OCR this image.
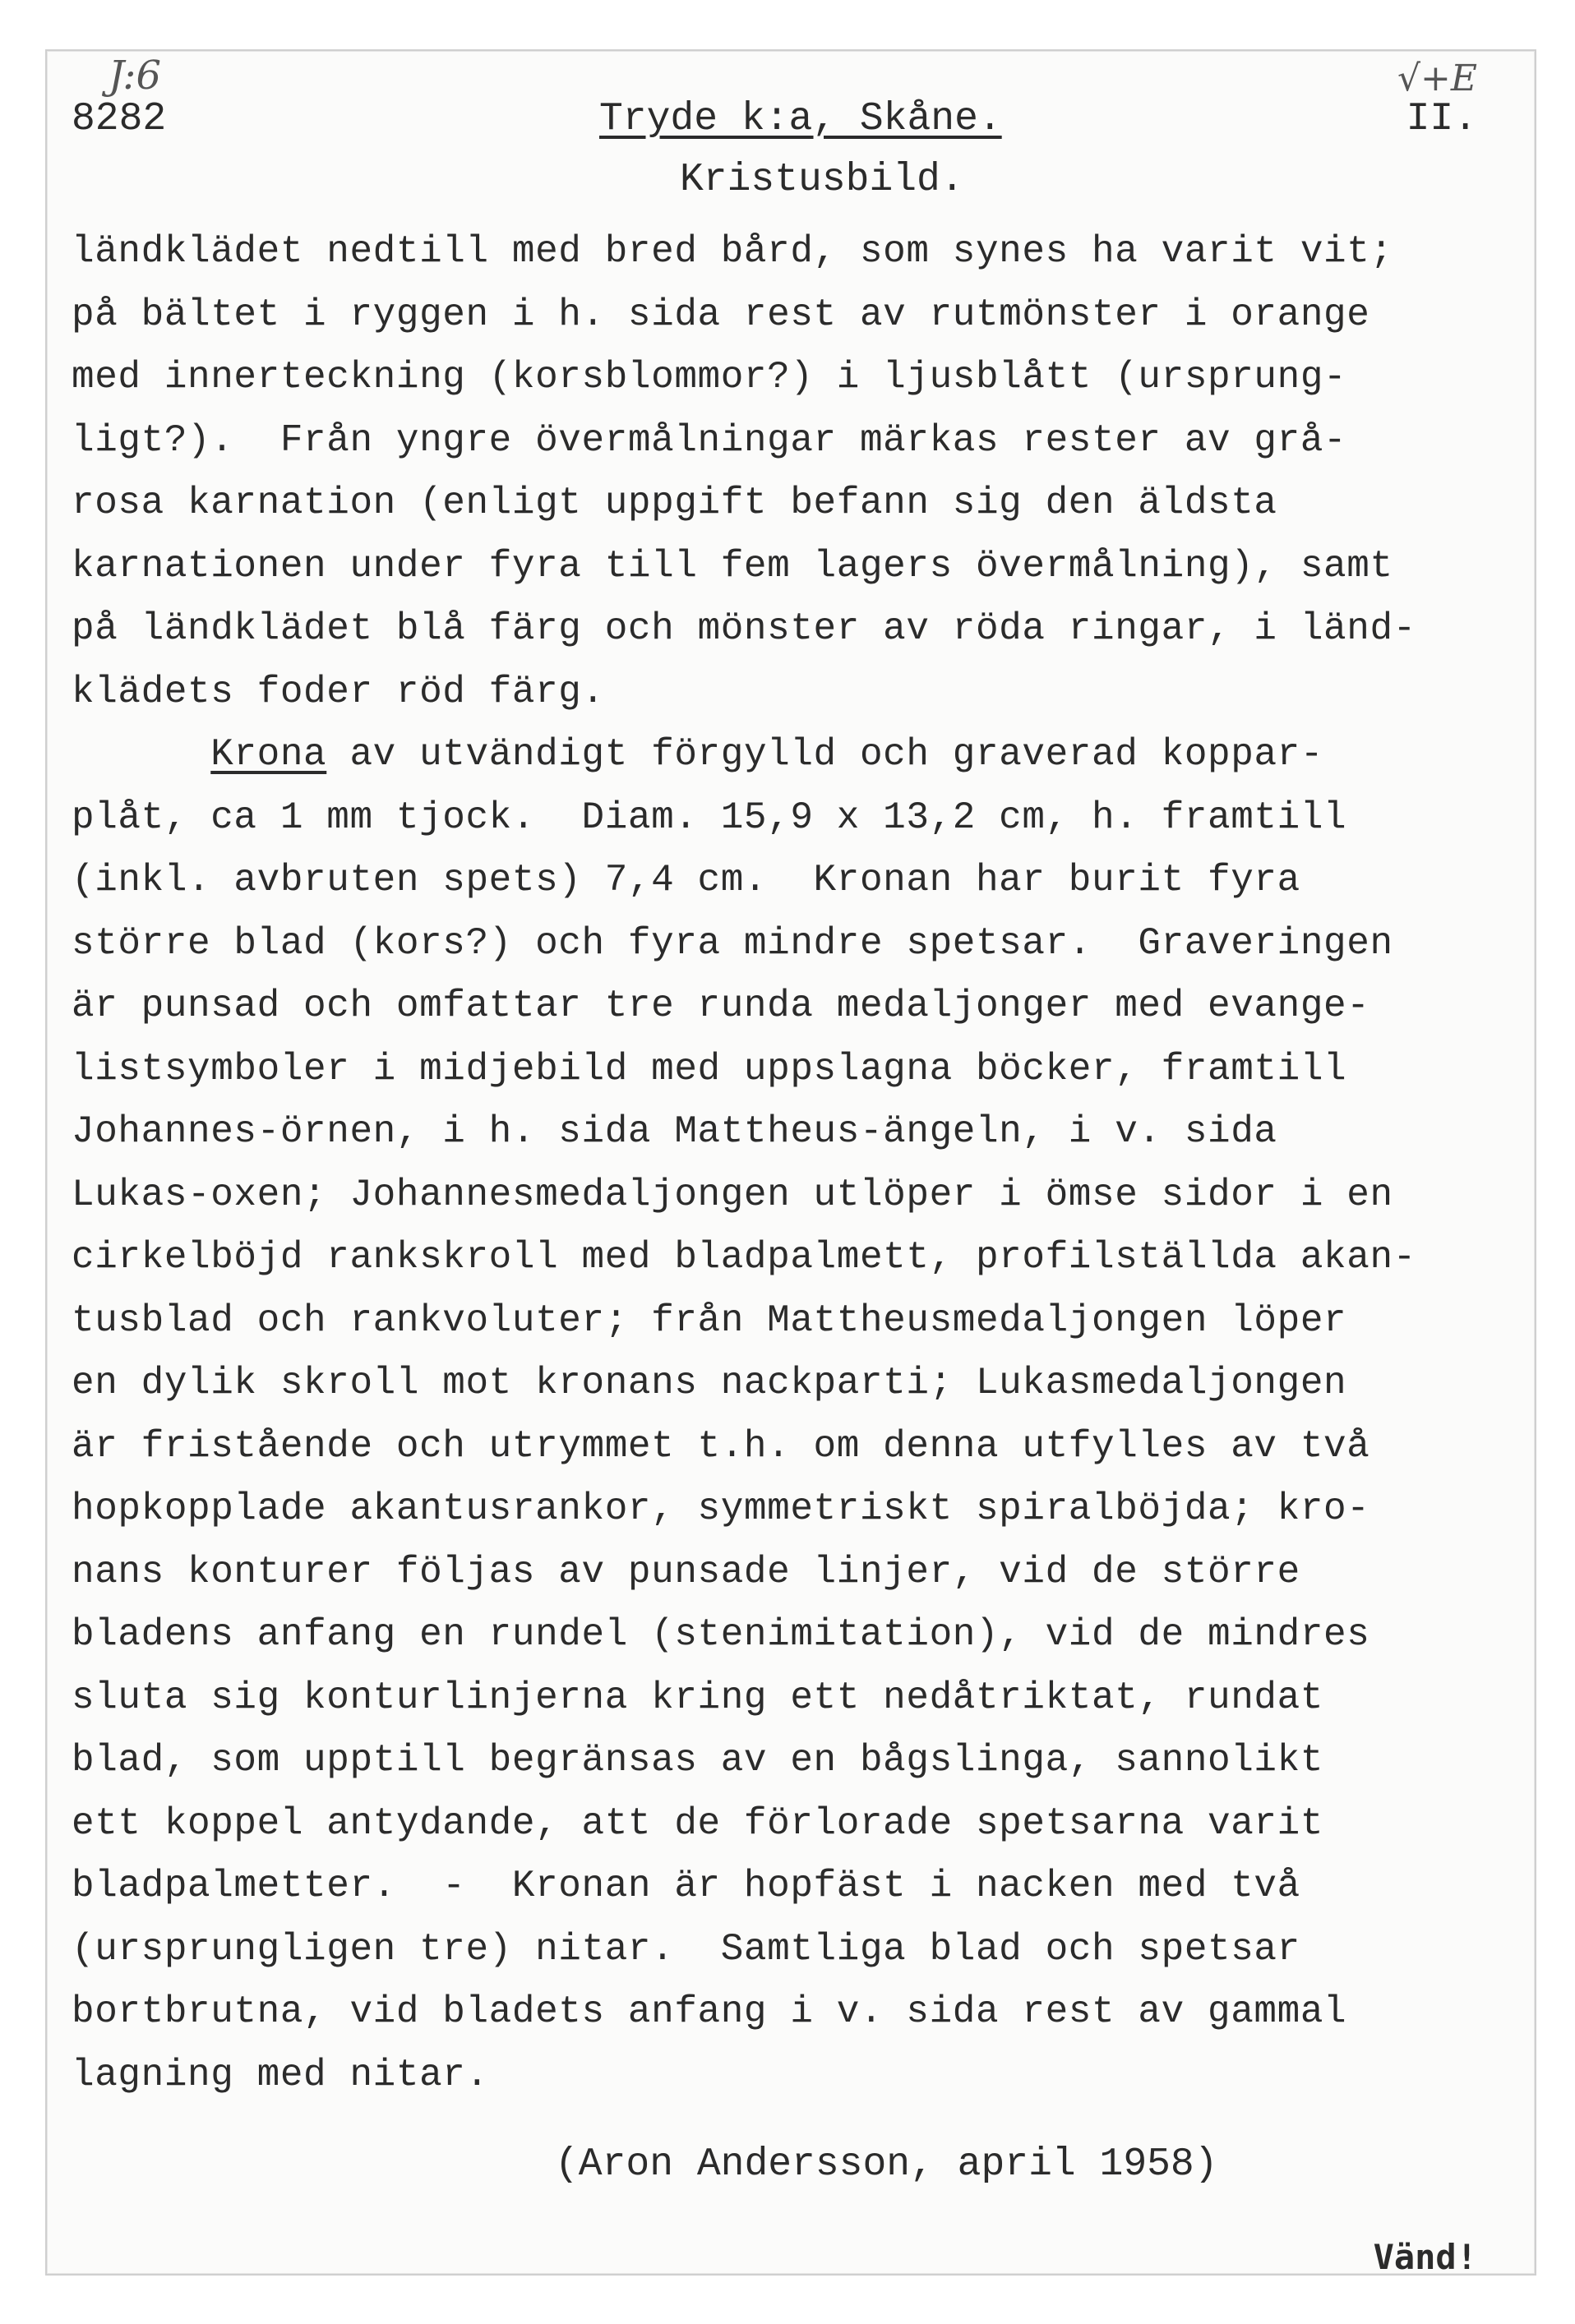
J:6	√+E
8282	Tryde k:a, Skåne.	II.
Kristusbild.
ländklädet nedtill med bred bård, som synes ha varit vit;
på bältet i ryggen i h. sida rest av rutmönster i orange
med innerteckning (korsblommor?) i ljusblått (ursprung-
ligt?).  Från yngre övermålningar märkas rester av grå-
rosa karnation (enligt uppgift befann sig den äldsta
karnationen under fyra till fem lagers övermålning), samt
på ländklädet blå färg och mönster av röda ringar, i länd-
klädets foder röd färg.
Krona av utvändigt förgylld och graverad koppar-
plåt, ca 1 mm tjock.  Diam. 15,9 x 13,2 cm, h. framtill
(inkl. avbruten spets) 7,4 cm.  Kronan har burit fyra
större blad (kors?) och fyra mindre spetsar.  Graveringen
är punsad och omfattar tre runda medaljonger med evange-
listsymboler i midjebild med uppslagna böcker, framtill
Johannes-örnen, i h. sida Mattheus-ängeln, i v. sida
Lukas-oxen; Johannesmedaljongen utlöper i ömse sidor i en
cirkelböjd rankskroll med bladpalmett, profilställda akan-
tusblad och rankvoluter; från Mattheusmedaljongen löper
en dylik skroll mot kronans nackparti; Lukasmedaljongen
är fristående och utrymmet t.h. om denna utfylles av två
hopkopplade akantusrankor, symmetriskt spiralböjda; kro-
nans konturer följas av punsade linjer, vid de större
bladens anfang en rundel (stenimitation), vid de mindres
sluta sig konturlinjerna kring ett nedåtriktat, rundat
blad, som upptill begränsas av en bågslinga, sannolikt
ett koppel antydande, att de förlorade spetsarna varit
bladpalmetter.  -  Kronan är hopfäst i nacken med två
(ursprungligen tre) nitar.  Samtliga blad och spetsar
bortbrutna, vid bladets anfang i v. sida rest av gammal
lagning med nitar.
(Aron Andersson, april 1958)
Vänd!
